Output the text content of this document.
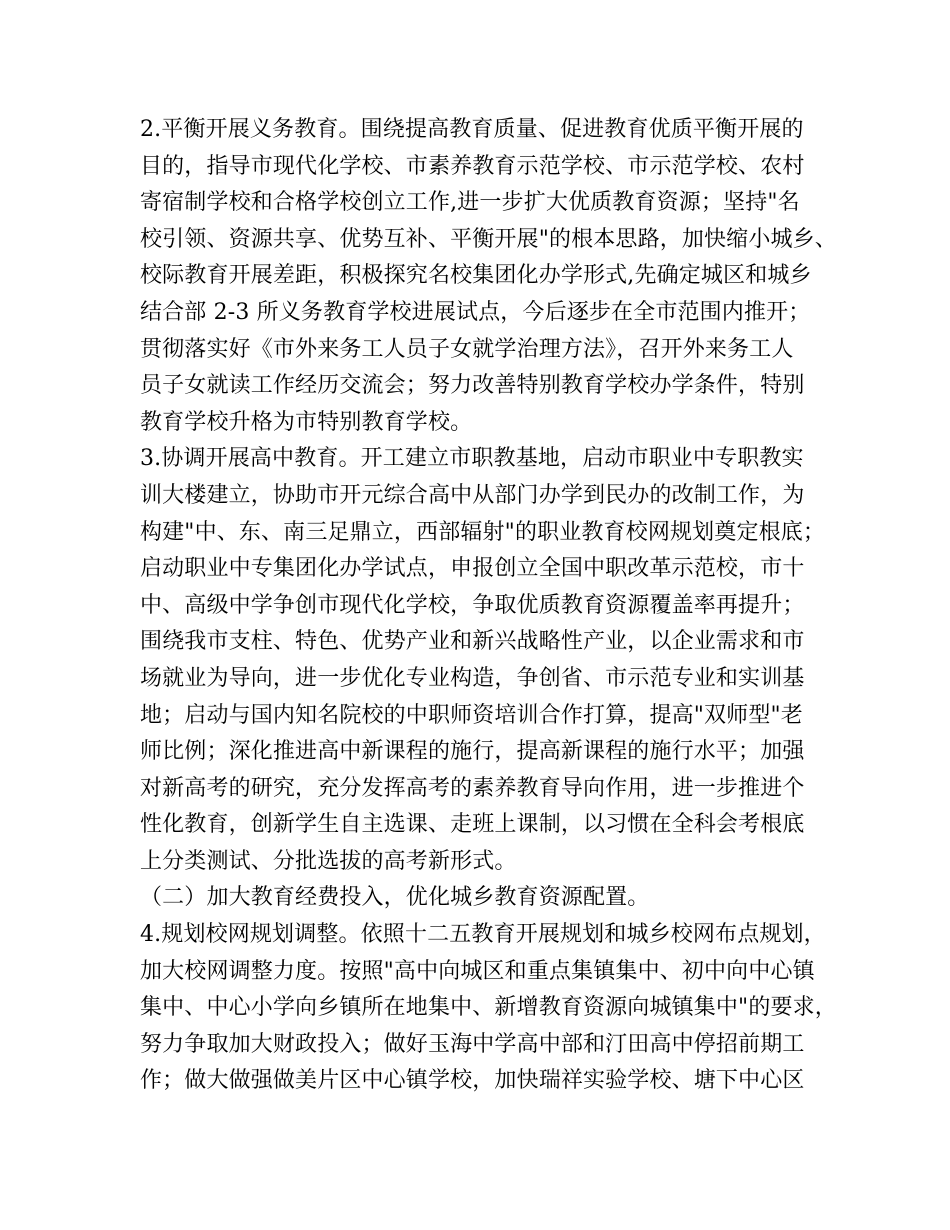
2.平衡开展义务教育。围绕提高教育质量、促进教育优质平衡开展的
目的，指导市现代化学校、市素养教育示范学校、市示范学校、农村
寄宿制学校和合格学校创立工作,进一步扩大优质教育资源；坚持"名
校引领、资源共享、优势互补、平衡开展"的根本思路，加快缩小城乡、
校际教育开展差距，积极探究名校集团化办学形式,先确定城区和城乡
结合部 2-3 所义务教育学校进展试点，今后逐步在全市范围内推开；
贯彻落实好《市外来务工人员子女就学治理方法》，召开外来务工人
员子女就读工作经历交流会；努力改善特别教育学校办学条件，特别
教育学校升格为市特别教育学校。
3.协调开展高中教育。开工建立市职教基地，启动市职业中专职教实
训大楼建立，协助市开元综合高中从部门办学到民办的改制工作，为
构建"中、东、南三足鼎立，西部辐射"的职业教育校网规划奠定根底；
启动职业中专集团化办学试点，申报创立全国中职改革示范校，市十
中、高级中学争创市现代化学校，争取优质教育资源覆盖率再提升；
围绕我市支柱、特色、优势产业和新兴战略性产业，以企业需求和市
场就业为导向，进一步优化专业构造，争创省、市示范专业和实训基
地；启动与国内知名院校的中职师资培训合作打算，提高"双师型"老
师比例；深化推进高中新课程的施行，提高新课程的施行水平；加强
对新高考的研究，充分发挥高考的素养教育导向作用，进一步推进个
性化教育，创新学生自主选课、走班上课制，以习惯在全科会考根底
上分类测试、分批选拔的高考新形式。
（二）加大教育经费投入，优化城乡教育资源配置。
4.规划校网规划调整。依照十二五教育开展规划和城乡校网布点规划，
加大校网调整力度。按照"高中向城区和重点集镇集中、初中向中心镇
集中、中心小学向乡镇所在地集中、新增教育资源向城镇集中"的要求，
努力争取加大财政投入；做好玉海中学高中部和汀田高中停招前期工
作；做大做强做美片区中心镇学校，加快瑞祥实验学校、塘下中心区
